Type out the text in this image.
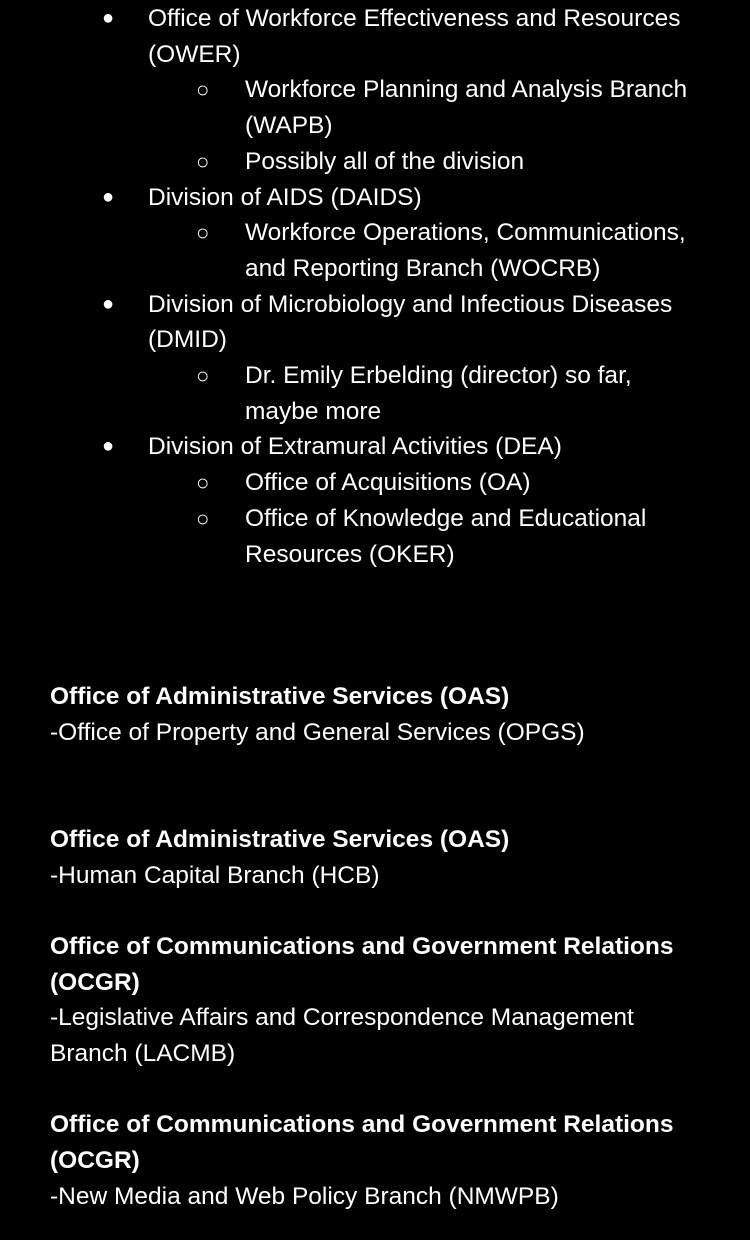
● Office of Workforce Effectiveness and Resources (OWER)
○ Workforce Planning and Analysis Branch (WAPB)
○ Possibly all of the division
● Division of AIDS (DAIDS)
○ Workforce Operations, Communications, and Reporting Branch (WOCRB)
● Division of Microbiology and Infectious Diseases (DMID)
○ Dr. Emily Erbelding (director) so far, maybe more
● Division of Extramural Activities (DEA)
○ Office of Acquisitions (OA)
○ Office of Knowledge and Educational Resources (OKER)
Office of Administrative Services (OAS)
-Office of Property and General Services (OPGS)
Office of Administrative Services (OAS)
-Human Capital Branch (HCB)
Office of Communications and Government Relations (OCGR)
-Legislative Affairs and Correspondence Management Branch (LACMB)
Office of Communications and Government Relations (OCGR)
-New Media and Web Policy Branch (NMWPB)
